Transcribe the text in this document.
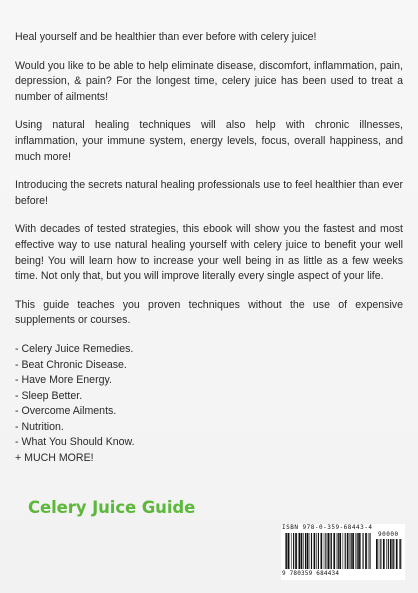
Heal yourself and be healthier than ever before with celery juice!

Would you like to be able to help eliminate disease, discomfort, inflammation, pain, depression, & pain? For the longest time, celery juice has been used to treat a number of ailments!

Using natural healing techniques will also help with chronic illnesses, inflammation, your immune system, energy levels, focus, overall happiness, and much more!

Introducing the secrets natural healing professionals use to feel healthier than ever before!

With decades of tested strategies, this ebook will show you the fastest and most effective way to use natural healing yourself with celery juice to benefit your well being! You will learn how to increase your well being in as little as a few weeks time. Not only that, but you will improve literally every single aspect of your life.

This guide teaches you proven techniques without the use of expensive supplements or courses.

- Celery Juice Remedies.
- Beat Chronic Disease.
- Have More Energy.
- Sleep Better.
- Overcome Ailments.
- Nutrition.
- What You Should Know.
+ MUCH MORE!
Celery Juice Guide
ISBN 978-0-359-68443-4
90000
9 780359 684434
